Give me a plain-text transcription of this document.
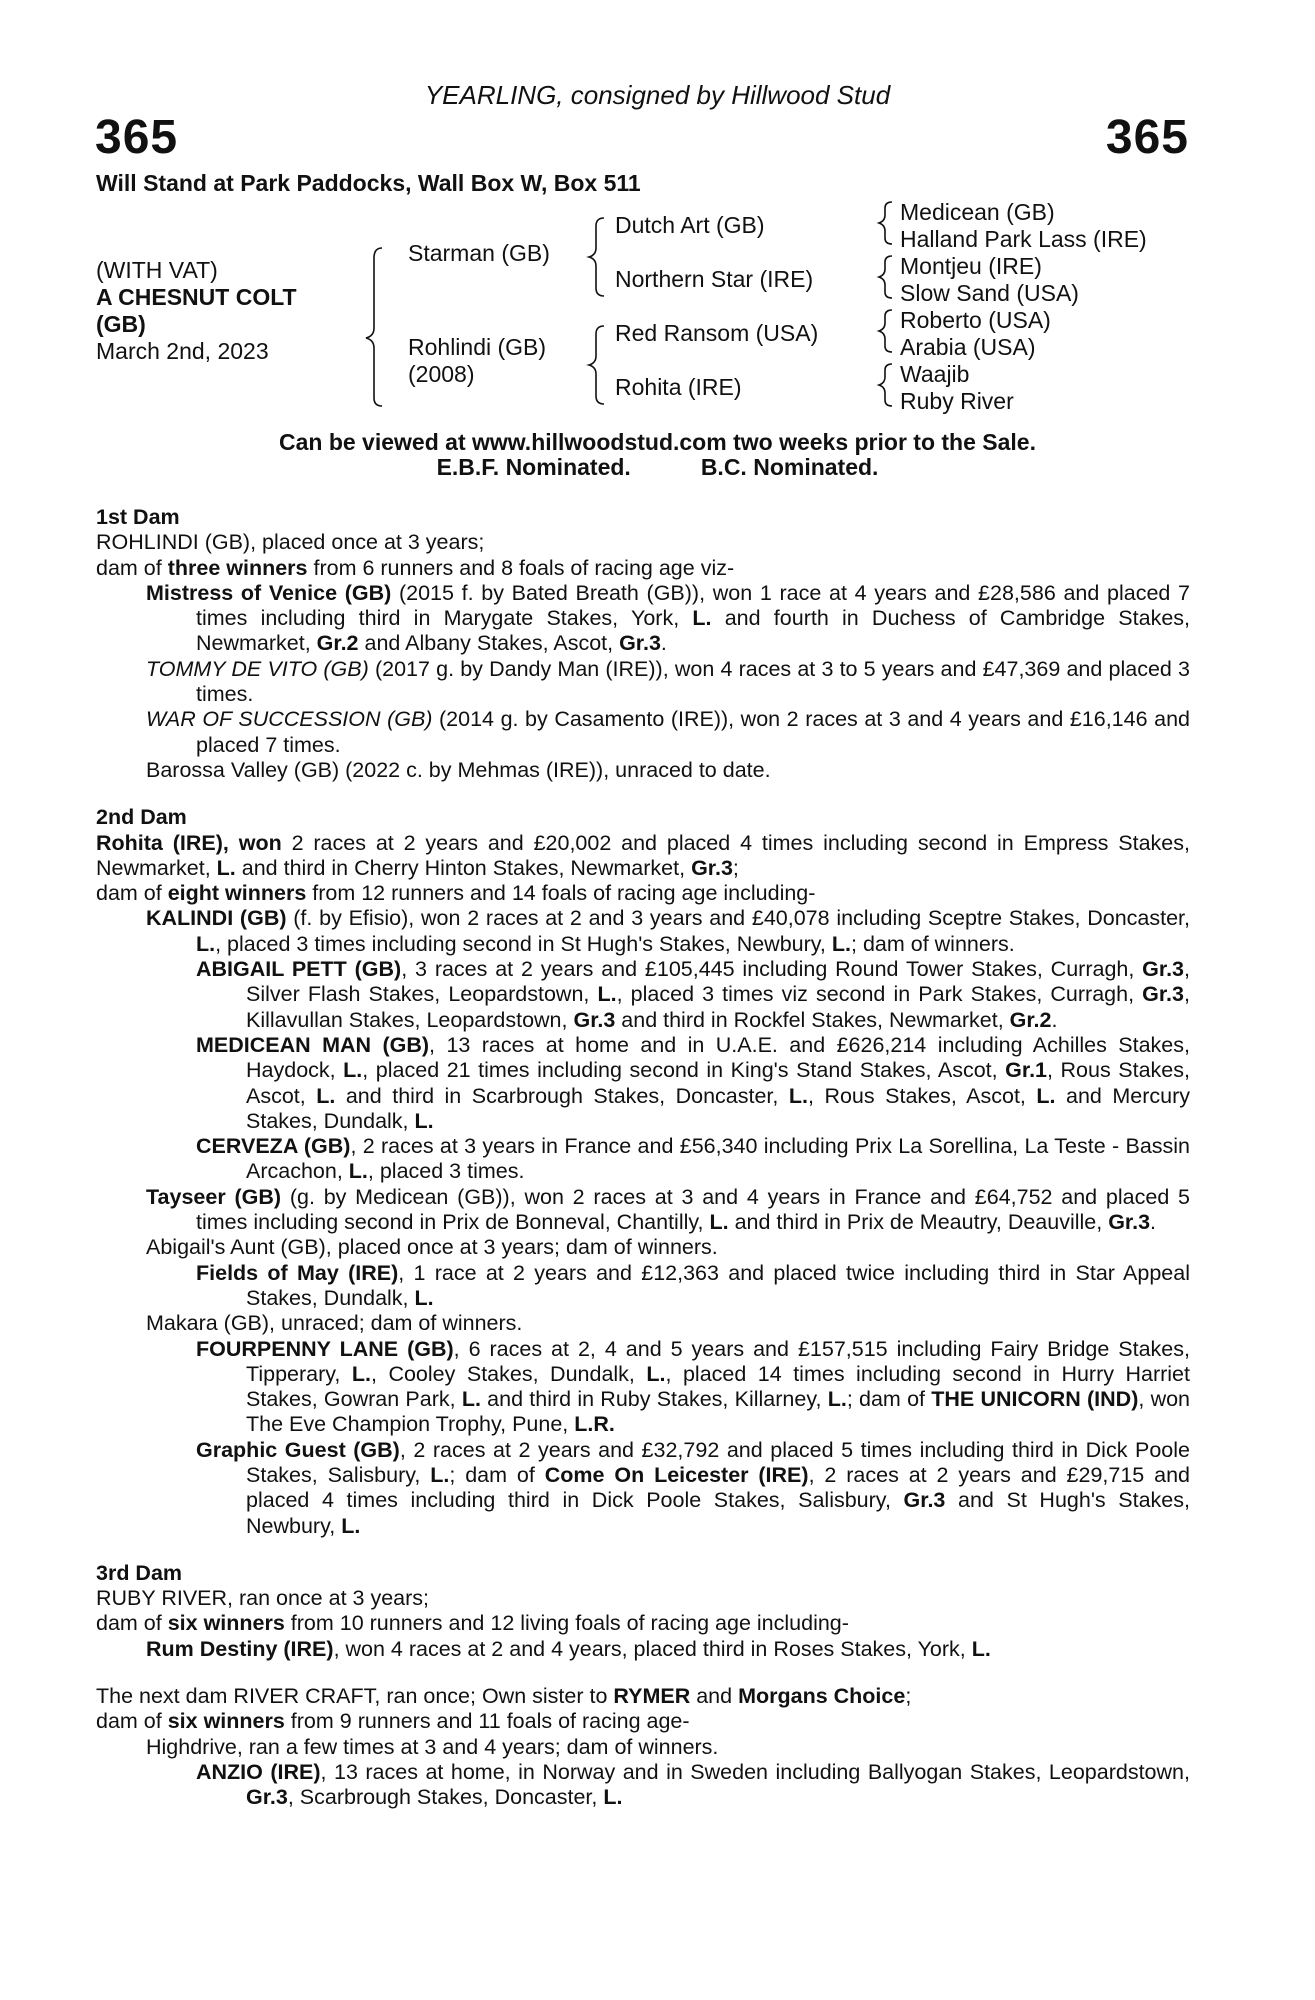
YEARLING, consigned by Hillwood Stud
365	365
Will Stand at Park Paddocks, Wall Box W, Box 511
(WITH VAT)
A CHESNUT COLT
(GB)
March 2nd, 2023
Starman (GB)
Rohlindi (GB)
(2008)
Dutch Art (GB)
Northern Star (IRE)
Red Ransom (USA)
Rohita (IRE)
Medicean (GB)
Halland Park Lass (IRE)
Montjeu (IRE)
Slow Sand (USA)
Roberto (USA)
Arabia (USA)
Waajib
Ruby River
Can be viewed at www.hillwoodstud.com two weeks prior to the Sale.
E.B.F. Nominated.	B.C. Nominated.

1st Dam

ROHLINDI (GB), placed once at 3 years;

dam of three winners from 6 runners and 8 foals of racing age viz-

Mistress of Venice (GB) (2015 f. by Bated Breath (GB)), won 1 race at 4 years and £28,586 and placed 7 times including third in Marygate Stakes, York, L. and fourth in Duchess of Cambridge Stakes, Newmarket, Gr.2 and Albany Stakes, Ascot, Gr.3.

TOMMY DE VITO (GB) (2017 g. by Dandy Man (IRE)), won 4 races at 3 to 5 years and £47,369 and placed 3 times.

WAR OF SUCCESSION (GB) (2014 g. by Casamento (IRE)), won 2 races at 3 and 4 years and £16,146 and placed 7 times.

Barossa Valley (GB) (2022 c. by Mehmas (IRE)), unraced to date.

2nd Dam

Rohita (IRE), won 2 races at 2 years and £20,002 and placed 4 times including second in Empress Stakes, Newmarket, L. and third in Cherry Hinton Stakes, Newmarket, Gr.3;

dam of eight winners from 12 runners and 14 foals of racing age including-

KALINDI (GB) (f. by Efisio), won 2 races at 2 and 3 years and £40,078 including Sceptre Stakes, Doncaster, L., placed 3 times including second in St Hugh's Stakes, Newbury, L.; dam of winners.

ABIGAIL PETT (GB), 3 races at 2 years and £105,445 including Round Tower Stakes, Curragh, Gr.3, Silver Flash Stakes, Leopardstown, L., placed 3 times viz second in Park Stakes, Curragh, Gr.3, Killavullan Stakes, Leopardstown, Gr.3 and third in Rockfel Stakes, Newmarket, Gr.2.

MEDICEAN MAN (GB), 13 races at home and in U.A.E. and £626,214 including Achilles Stakes, Haydock, L., placed 21 times including second in King's Stand Stakes, Ascot, Gr.1, Rous Stakes, Ascot, L. and third in Scarbrough Stakes, Doncaster, L., Rous Stakes, Ascot, L. and Mercury Stakes, Dundalk, L.

CERVEZA (GB), 2 races at 3 years in France and £56,340 including Prix La Sorellina, La Teste - Bassin Arcachon, L., placed 3 times.

Tayseer (GB) (g. by Medicean (GB)), won 2 races at 3 and 4 years in France and £64,752 and placed 5 times including second in Prix de Bonneval, Chantilly, L. and third in Prix de Meautry, Deauville, Gr.3.

Abigail's Aunt (GB), placed once at 3 years; dam of winners.

Fields of May (IRE), 1 race at 2 years and £12,363 and placed twice including third in Star Appeal Stakes, Dundalk, L.

Makara (GB), unraced; dam of winners.

FOURPENNY LANE (GB), 6 races at 2, 4 and 5 years and £157,515 including Fairy Bridge Stakes, Tipperary, L., Cooley Stakes, Dundalk, L., placed 14 times including second in Hurry Harriet Stakes, Gowran Park, L. and third in Ruby Stakes, Killarney, L.; dam of THE UNICORN (IND), won The Eve Champion Trophy, Pune, L.R.

Graphic Guest (GB), 2 races at 2 years and £32,792 and placed 5 times including third in Dick Poole Stakes, Salisbury, L.; dam of Come On Leicester (IRE), 2 races at 2 years and £29,715 and placed 4 times including third in Dick Poole Stakes, Salisbury, Gr.3 and St Hugh's Stakes, Newbury, L.

3rd Dam

RUBY RIVER, ran once at 3 years;

dam of six winners from 10 runners and 12 living foals of racing age including-

Rum Destiny (IRE), won 4 races at 2 and 4 years, placed third in Roses Stakes, York, L.

The next dam RIVER CRAFT, ran once; Own sister to RYMER and Morgans Choice;

dam of six winners from 9 runners and 11 foals of racing age-

Highdrive, ran a few times at 3 and 4 years; dam of winners.

ANZIO (IRE), 13 races at home, in Norway and in Sweden including Ballyogan Stakes, Leopardstown, Gr.3, Scarbrough Stakes, Doncaster, L.
